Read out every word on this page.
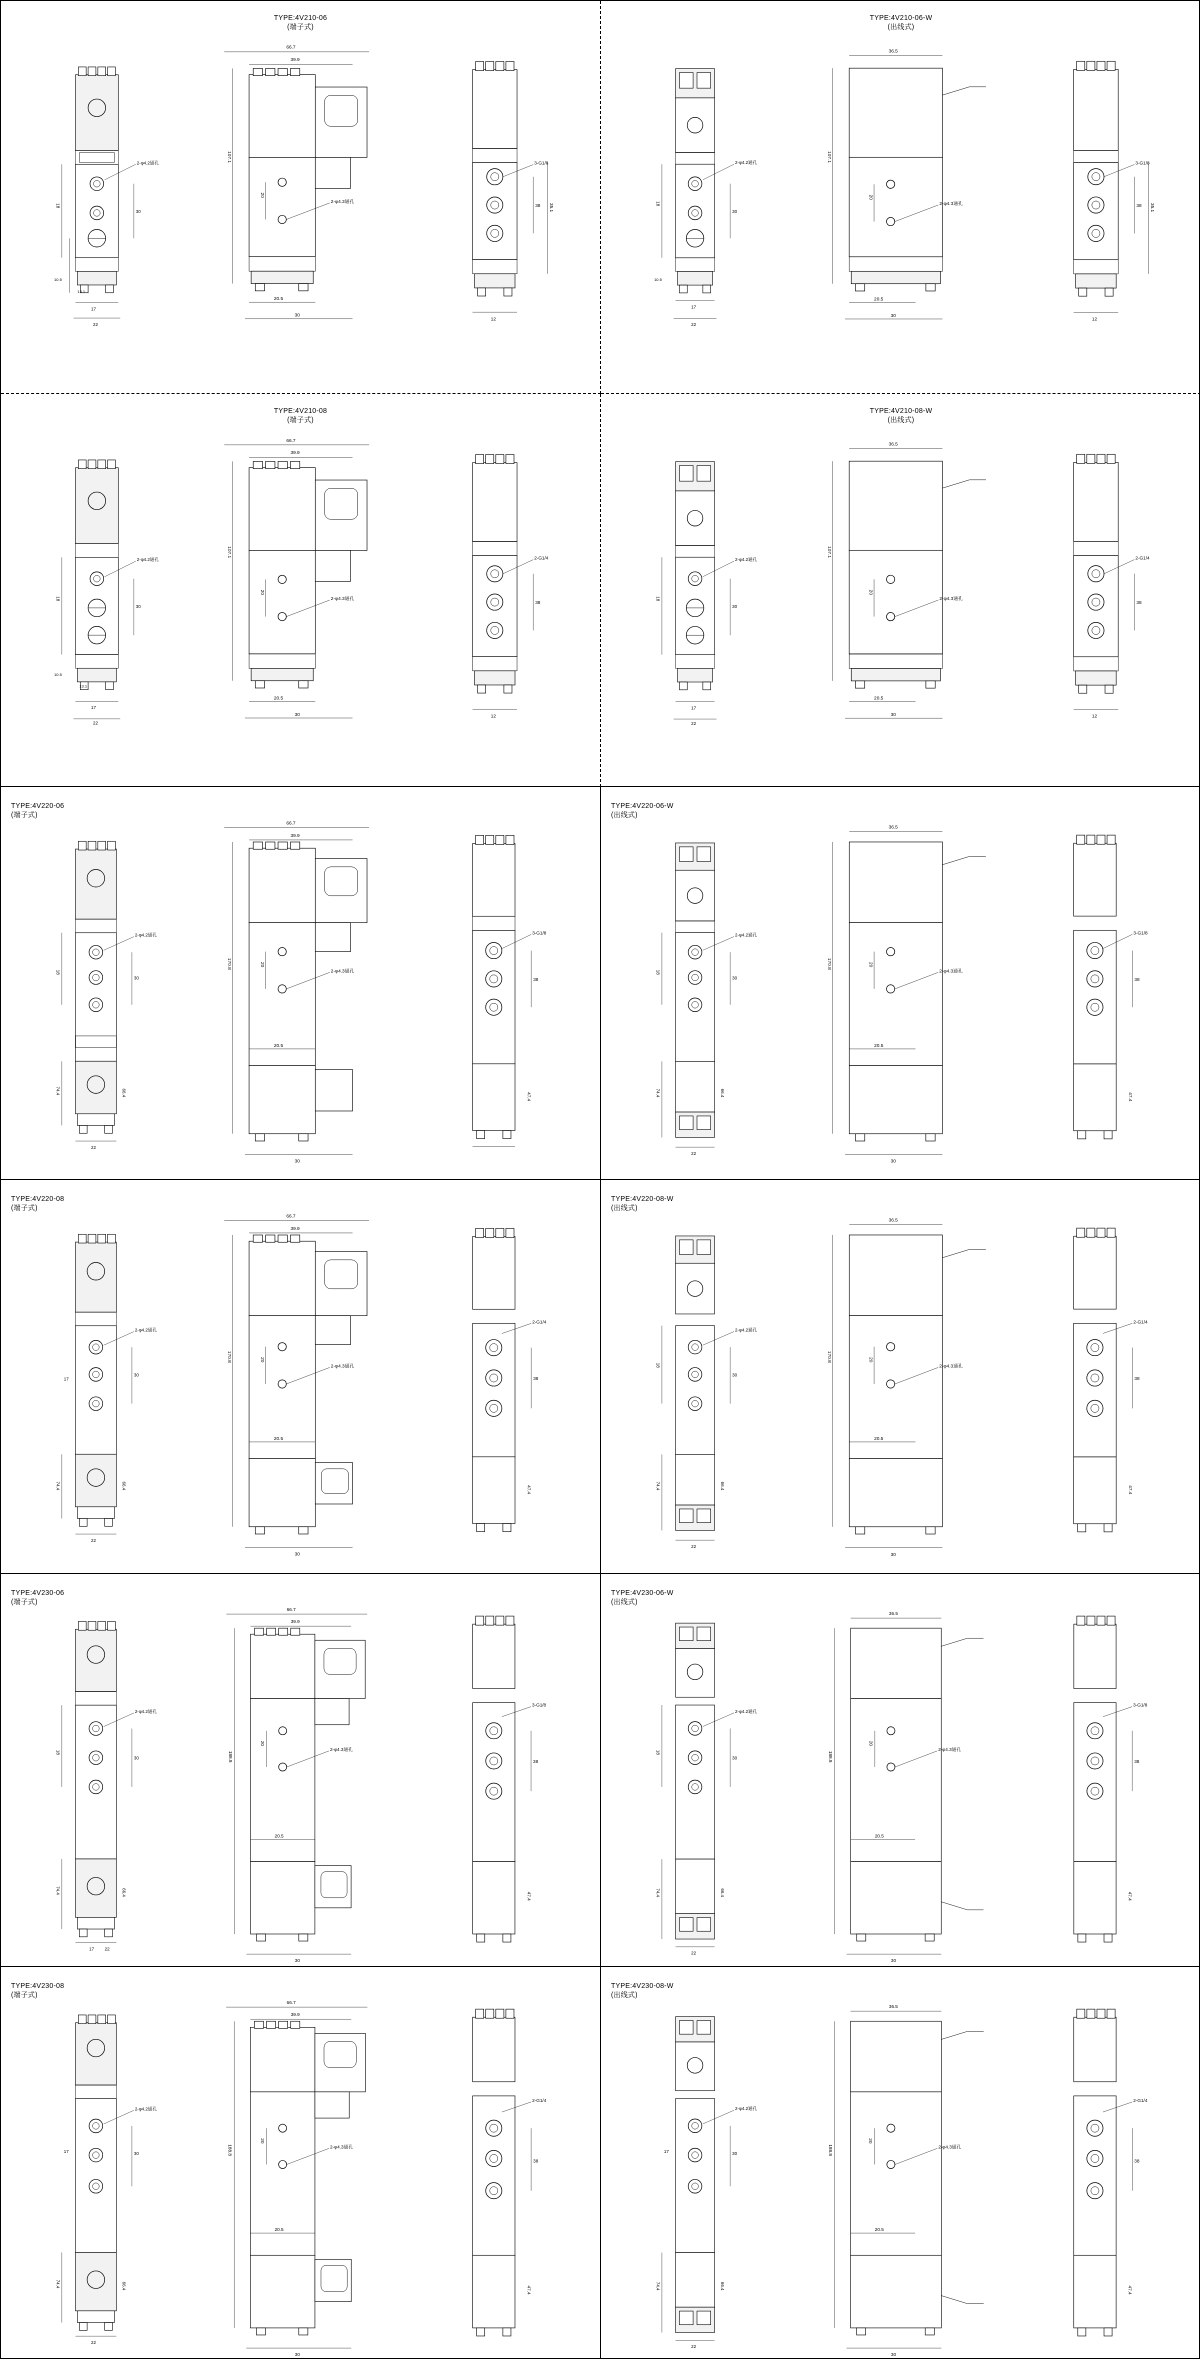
TYPE:4V210-06
(端子式)

2-φ4.2通孔
18
30
17
10.5
13.1
22
66.7
39.9
107.1
20
2-φ4.3通孔
20.5
30
3-G1/8
38 35.1
12

TYPE:4V210-06-W
(出线式)

2-φ4.2通孔
18
30
10.5
17
22
36.5
107.1
20
2-φ4.3通孔
20.5
30
3-G1/8
38 35.1
12

TYPE:4V210-08
(端子式)

2-φ4.2通孔
18
30
10.5
13.1
17
22
66.7
39.9
107.1
20
2-φ4.3通孔
20.5
30
2-G1/4
38
12

TYPE:4V210-08-W
(出线式)

2-φ4.2通孔
18
30
17
22
36.5
107.1
20
2-φ4.3通孔
20.5
30
2-G1/4
38
12

TYPE:4V220-06
(端子式)

2-φ4.2通孔
18
30
74.4	66.4
22
66.7
39.9
170.8	20
2-φ4.3通孔
20.5
30
3-G1/8
38
47.4

TYPE:4V220-06-W
(出线式)

2-φ4.2通孔
18
30
74.4	66.4
22
36.5
170.8	20
2-φ4.3通孔
20.5
30
3-G1/8
38
47.4

TYPE:4V220-08
(端子式)

2-φ4.2通孔
17
30
74.4	66.4
22
66.7
39.9
170.8	20
2-φ4.3通孔
20.5
30
2-G1/4
38
47.4

TYPE:4V220-08-W
(出线式)

2-φ4.2通孔
18
30
74.4	66.4
22
36.5
170.8	20
2-φ4.3通孔
20.5
30
2-G1/4
38
47.4

TYPE:4V230-06
(端子式)

2-φ4.2通孔
18
30
74.4	66.4
17 22
66.7
39.9
188.8
20
2-φ4.3通孔
20.5
30
3-G1/8
38
47.4

TYPE:4V230-06-W
(出线式)

2-φ4.2通孔
18
30
74.4	66.4
22
36.5
188.8
20
2-φ4.3通孔
20.5
30
3-G1/8
38
47.4

TYPE:4V230-08
(端子式)

2-φ4.2通孔
17	30
74.4	66.4
22
66.7
39.9
188.8
20
2-φ4.3通孔
20.5
30
2-G1/4
38
47.4

TYPE:4V230-08-W
(出线式)

2-φ4.2通孔
17	30
74.4	66.4
22
36.5
188.8
20
2-φ4.3通孔
20.5
30
2-G1/4
38
47.4
